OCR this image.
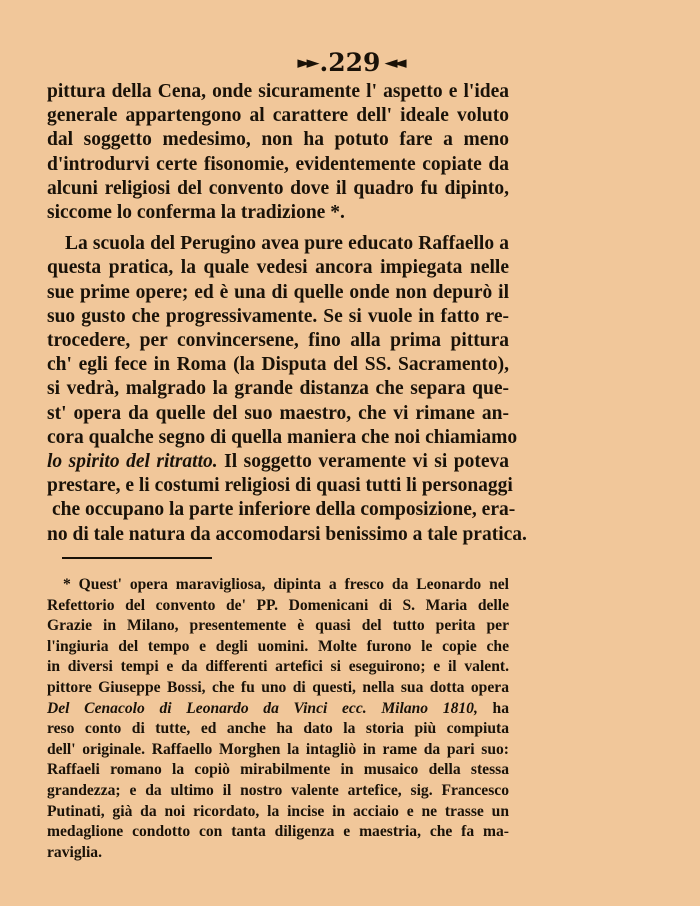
►► .229 ◄◄
pittura della Cena, onde sicuramente l' aspetto e l'idea
generale appartengono al carattere dell' ideale voluto
dal soggetto medesimo, non ha potuto fare a meno
d'introdurvi certe fisonomie, evidentemente copiate da
alcuni religiosi del convento dove il quadro fu dipinto,
siccome lo conferma la tradizione *.
La scuola del Perugino avea pure educato Raffaello a
questa pratica, la quale vedesi ancora impiegata nelle
sue prime opere; ed è una di quelle onde non depurò il
suo gusto che progressivamente. Se si vuole in fatto re-
trocedere, per convincersene, fino alla prima pittura
ch' egli fece in Roma (la Disputa del SS. Sacramento),
si vedrà, malgrado la grande distanza che separa que-
st' opera da quelle del suo maestro, che vi rimane an-
cora qualche segno di quella maniera che noi chiamiamo
lo spirito del ritratto. Il soggetto veramente vi si poteva
prestare, e li costumi religiosi di quasi tutti li personaggi
che occupano la parte inferiore della composizione, era-
no di tale natura da accomodarsi benissimo a tale pratica.
* Quest' opera maravigliosa, dipinta a fresco da Leonardo nel
Refettorio del convento de' PP. Domenicani di S. Maria delle
Grazie in Milano, presentemente è quasi del tutto perita per
l'ingiuria del tempo e degli uomini. Molte furono le copie che
in diversi tempi e da differenti artefici si eseguirono; e il valent.
pittore Giuseppe Bossi, che fu uno di questi, nella sua dotta opera
Del Cenacolo di Leonardo da Vinci ecc. Milano 1810, ha
reso conto di tutte, ed anche ha dato la storia più compiuta
dell' originale. Raffaello Morghen la intagliò in rame da pari suo:
Raffaeli romano la copiò mirabilmente in musaico della stessa
grandezza; e da ultimo il nostro valente artefice, sig. Francesco
Putinati, già da noi ricordato, la incise in acciaio e ne trasse un
medaglione condotto con tanta diligenza e maestria, che fa ma-
raviglia.
